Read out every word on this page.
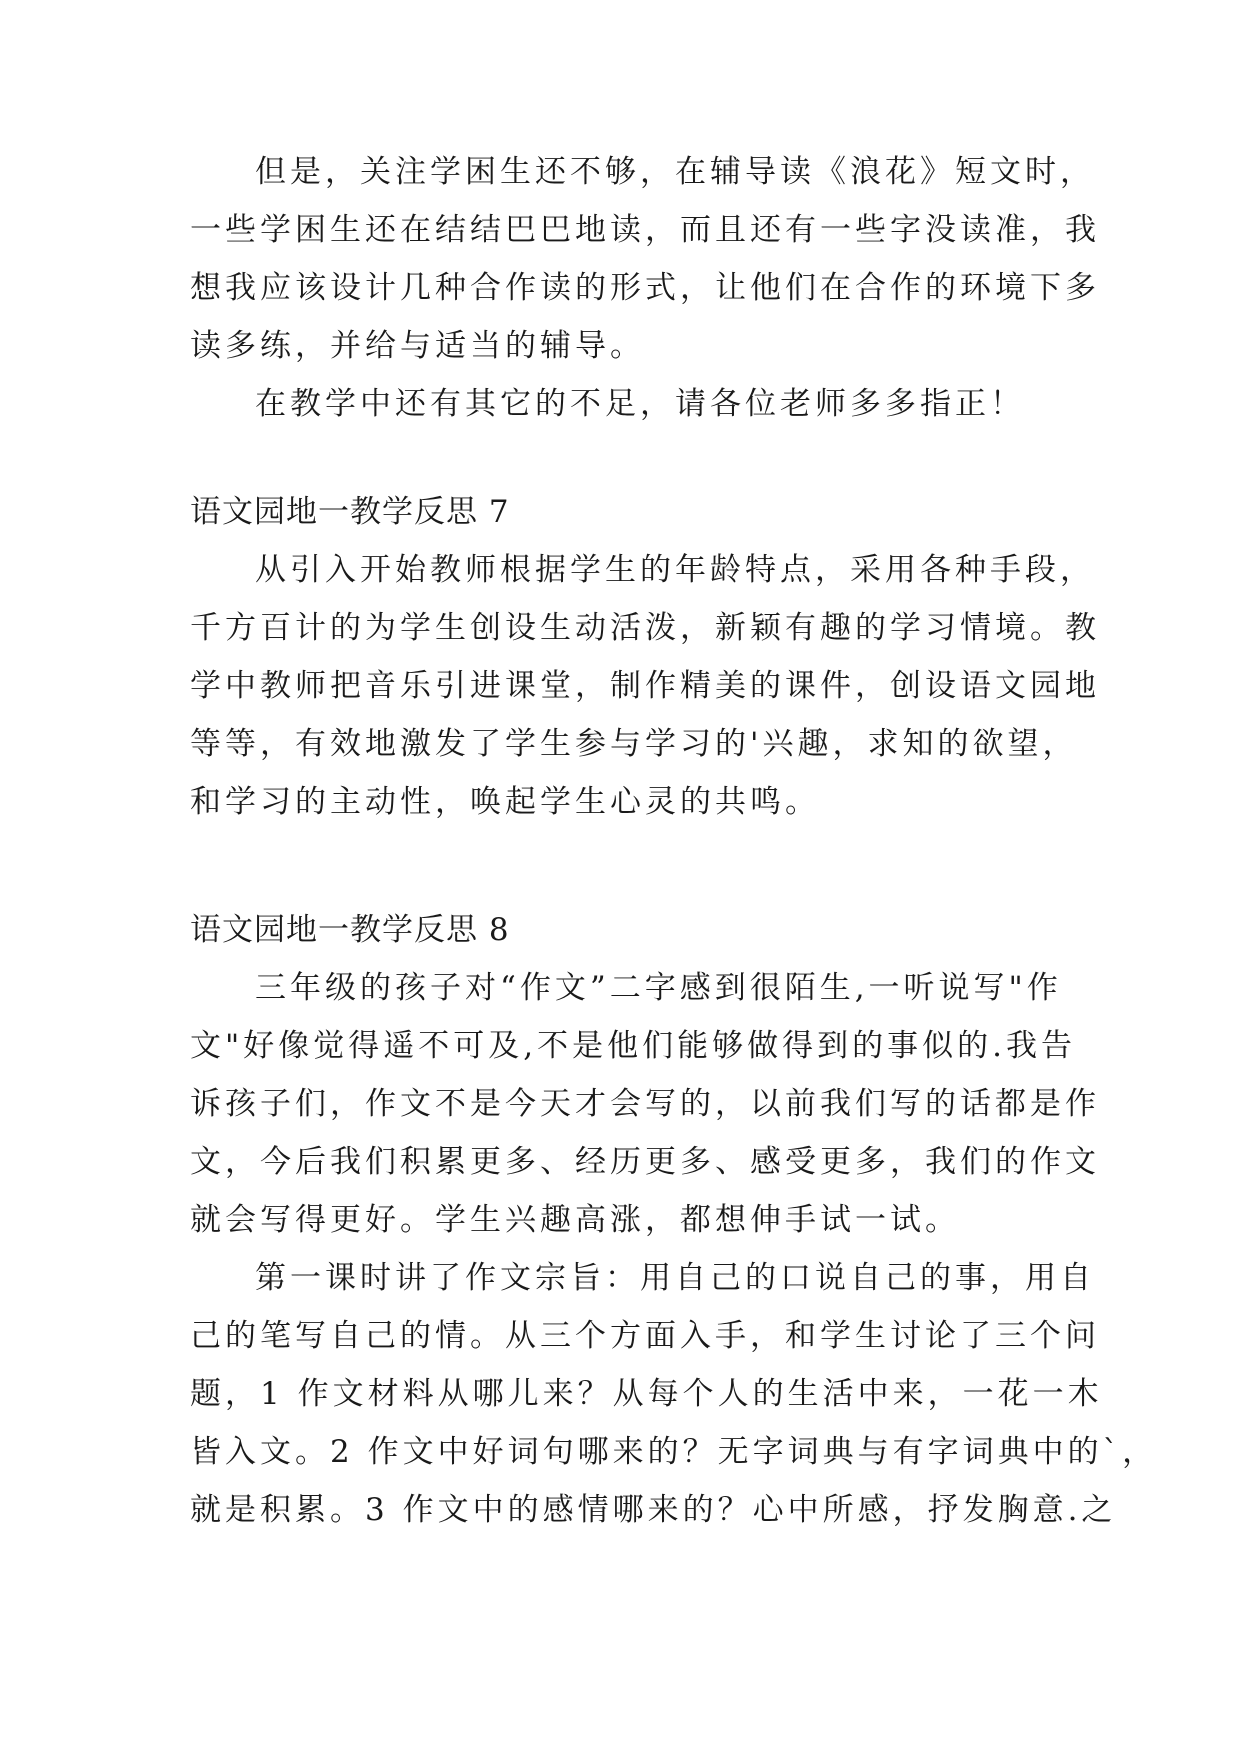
但是，关注学困生还不够，在辅导读《浪花》短文时，
一些学困生还在结结巴巴地读，而且还有一些字没读准，我
想我应该设计几种合作读的形式，让他们在合作的环境下多
读多练，并给与适当的辅导。
在教学中还有其它的不足，请各位老师多多指正！
语文园地一教学反思 7
从引入开始教师根据学生的年龄特点，采用各种手段，
千方百计的为学生创设生动活泼，新颖有趣的学习情境。教
学中教师把音乐引进课堂，制作精美的课件，创设语文园地
等等，有效地激发了学生参与学习的'兴趣，求知的欲望，
和学习的主动性，唤起学生心灵的共鸣。
语文园地一教学反思 8
三年级的孩子对“作文”二字感到很陌生,一听说写"作
文"好像觉得遥不可及,不是他们能够做得到的事似的.我告
诉孩子们，作文不是今天才会写的，以前我们写的话都是作
文，今后我们积累更多、经历更多、感受更多，我们的作文
就会写得更好。学生兴趣高涨，都想伸手试一试。
第一课时讲了作文宗旨：用自己的口说自己的事，用自
己的笔写自己的情。从三个方面入手，和学生讨论了三个问
题，1 作文材料从哪儿来？从每个人的生活中来，一花一木
皆入文。2 作文中好词句哪来的？无字词典与有字词典中的`，
就是积累。3 作文中的感情哪来的？心中所感，抒发胸意.之
